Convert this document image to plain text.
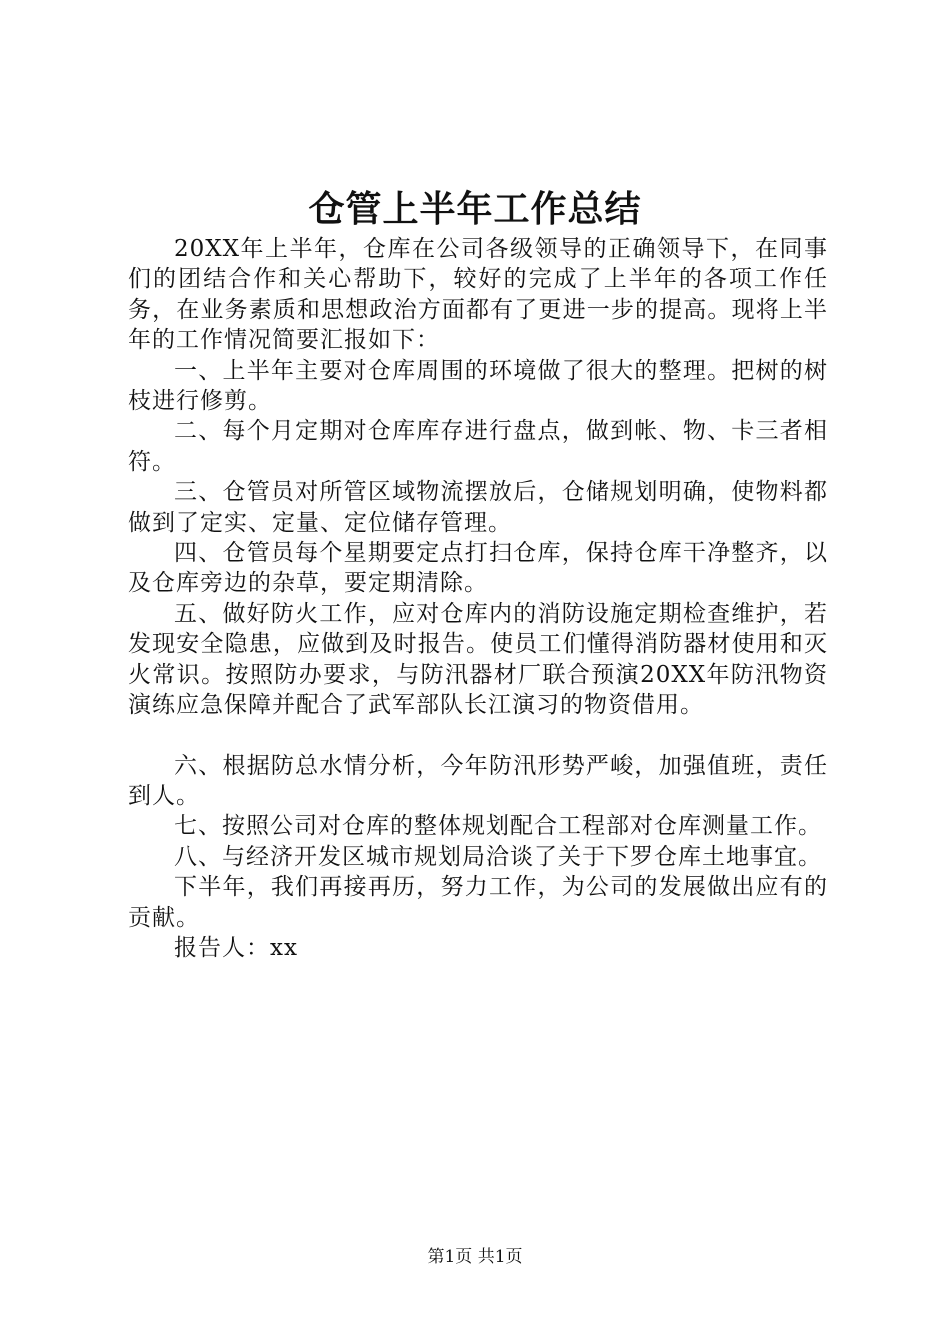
仓管上半年工作总结

20XX年上半年，仓库在公司各级领导的正确领导下，在同事们的团结合作和关心帮助下，较好的完成了上半年的各项工作任务，在业务素质和思想政治方面都有了更进一步的提高。现将上半年的工作情况简要汇报如下：

一、上半年主要对仓库周围的环境做了很大的整理。把树的树枝进行修剪。

二、每个月定期对仓库库存进行盘点，做到帐、物、卡三者相符。

三、仓管员对所管区域物流摆放后，仓储规划明确，使物料都做到了定实、定量、定位储存管理。

四、仓管员每个星期要定点打扫仓库，保持仓库干净整齐，以及仓库旁边的杂草，要定期清除。

五、做好防火工作，应对仓库内的消防设施定期检查维护，若发现安全隐患，应做到及时报告。使员工们懂得消防器材使用和灭火常识。按照防办要求，与防汛器材厂联合预演20XX年防汛物资演练应急保障并配合了武军部队长江演习的物资借用。

六、根据防总水情分析，今年防汛形势严峻，加强值班，责任到人。

七、按照公司对仓库的整体规划配合工程部对仓库测量工作。

八、与经济开发区城市规划局洽谈了关于下罗仓库土地事宜。

下半年，我们再接再历，努力工作，为公司的发展做出应有的贡献。

报告人：xx

第1页 共1页
